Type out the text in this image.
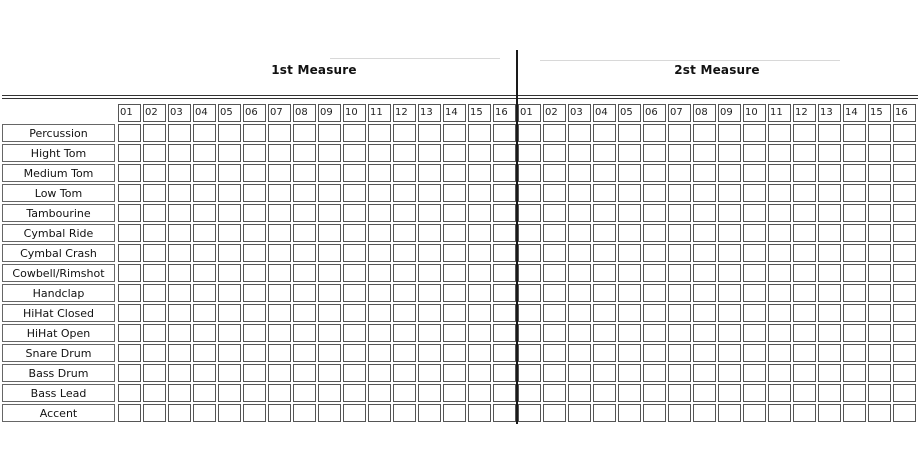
1st Measure	2st Measure
01	02	03	04	05	06	07	08	09	10	11	12	13	14	15	16	01	02	03	04	05	06	07	08	09	10	11	12	13	14	15	16
Percussion
Hight Tom
Medium Tom
Low Tom
Tambourine
Cymbal Ride
Cymbal Crash
Cowbell/Rimshot
Handclap
HiHat Closed
HiHat Open
Snare Drum
Bass Drum
Bass Lead
Accent
